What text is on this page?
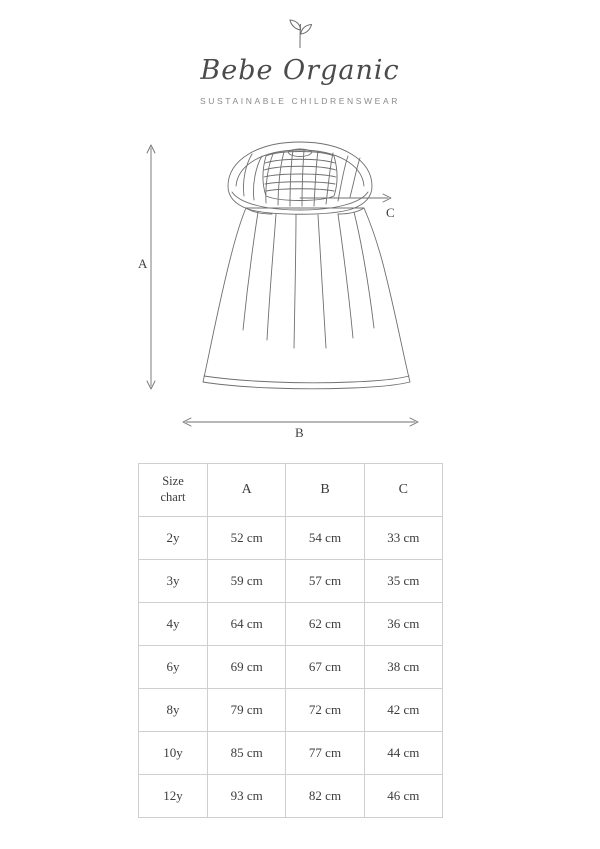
Bebe Organic
SUSTAINABLE CHILDRENSWEAR
A
B
C
Size
chart	A	B	C
2y	52 cm	54 cm	33 cm
3y	59 cm	57 cm	35 cm
4y	64 cm	62 cm	36 cm
6y	69 cm	67 cm	38 cm
8y	79 cm	72 cm	42 cm
10y	85 cm	77 cm	44 cm
12y	93 cm	82 cm	46 cm
